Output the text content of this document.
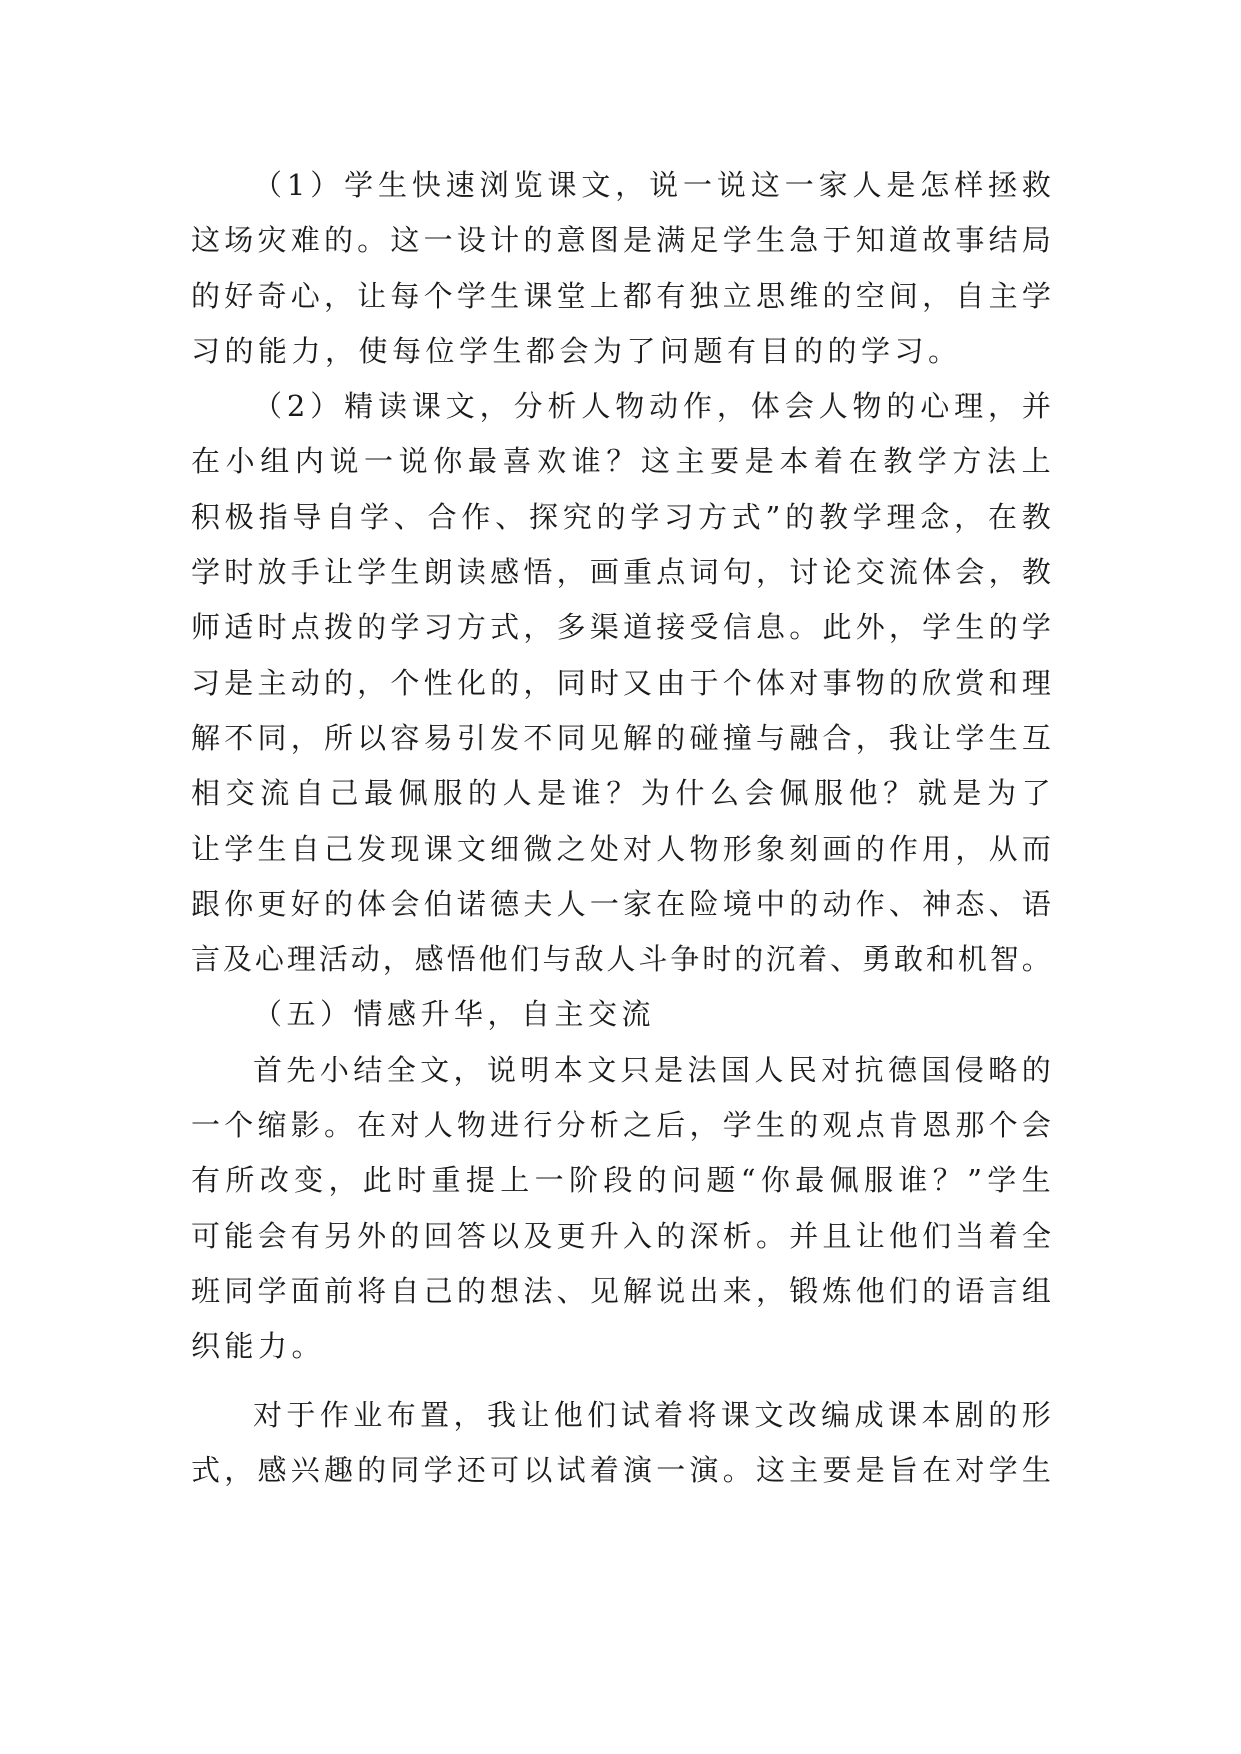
（ 1 ） 学 生 快 速 浏 览 课 文 ， 说 一 说 这 一 家 人 是 怎 样 拯 救
这 场 灾 难 的 。 这 一 设 计 的 意 图 是 满 足 学 生 急 于 知 道 故 事 结 局
的 好 奇 心 ， 让 每 个 学 生 课 堂 上 都 有 独 立 思 维 的 空 间 ， 自 主 学
习的能力，使每位学生都会为了问题有目的的学习。
（ 2 ） 精 读 课 文 ， 分 析 人 物 动 作 ， 体 会 人 物 的 心 理 ， 并
在 小 组 内 说 一 说 你 最 喜 欢 谁 ？ 这 主 要 是 本 着 在 教 学 方 法 上
积 极 指 导 自 学 、 合 作 、 探 究 的 学 习 方 式 ” 的 教 学 理 念 ， 在 教
学 时 放 手 让 学 生 朗 读 感 悟 ， 画 重 点 词 句 ， 讨 论 交 流 体 会 ， 教
师 适 时 点 拨 的 学 习 方 式 ， 多 渠 道 接 受 信 息 。 此 外 ， 学 生 的 学
习 是 主 动 的 ， 个 性 化 的 ， 同 时 又 由 于 个 体 对 事 物 的 欣 赏 和 理
解 不 同 ， 所 以 容 易 引 发 不 同 见 解 的 碰 撞 与 融 合 ， 我 让 学 生 互
相 交 流 自 己 最 佩 服 的 人 是 谁 ？ 为 什 么 会 佩 服 他 ？ 就 是 为 了
让 学 生 自 己 发 现 课 文 细 微 之 处 对 人 物 形 象 刻 画 的 作 用 ， 从 而
跟 你 更 好 的 体 会 伯 诺 德 夫 人 一 家 在 险 境 中 的 动 作 、 神 态 、 语
言 及 心 理 活 动 ， 感 悟 他 们 与 敌 人 斗 争 时 的 沉 着 、 勇 敢 和 机 智 。
（五）情感升华，自主交流
首 先 小 结 全 文 ， 说 明 本 文 只 是 法 国 人 民 对 抗 德 国 侵 略 的
一 个 缩 影 。 在 对 人 物 进 行 分 析 之 后 ， 学 生 的 观 点 肯 恩 那 个 会
有 所 改 变 ， 此 时 重 提 上 一 阶 段 的 问 题 “ 你 最 佩 服 谁 ？ ” 学 生
可 能 会 有 另 外 的 回 答 以 及 更 升 入 的 深 析 。 并 且 让 他 们 当 着 全
班 同 学 面 前 将 自 己 的 想 法 、 见 解 说 出 来 ， 锻 炼 他 们 的 语 言 组
织能力。
对 于 作 业 布 置 ， 我 让 他 们 试 着 将 课 文 改 编 成 课 本 剧 的 形
式 ， 感 兴 趣 的 同 学 还 可 以 试 着 演 一 演 。 这 主 要 是 旨 在 对 学 生
